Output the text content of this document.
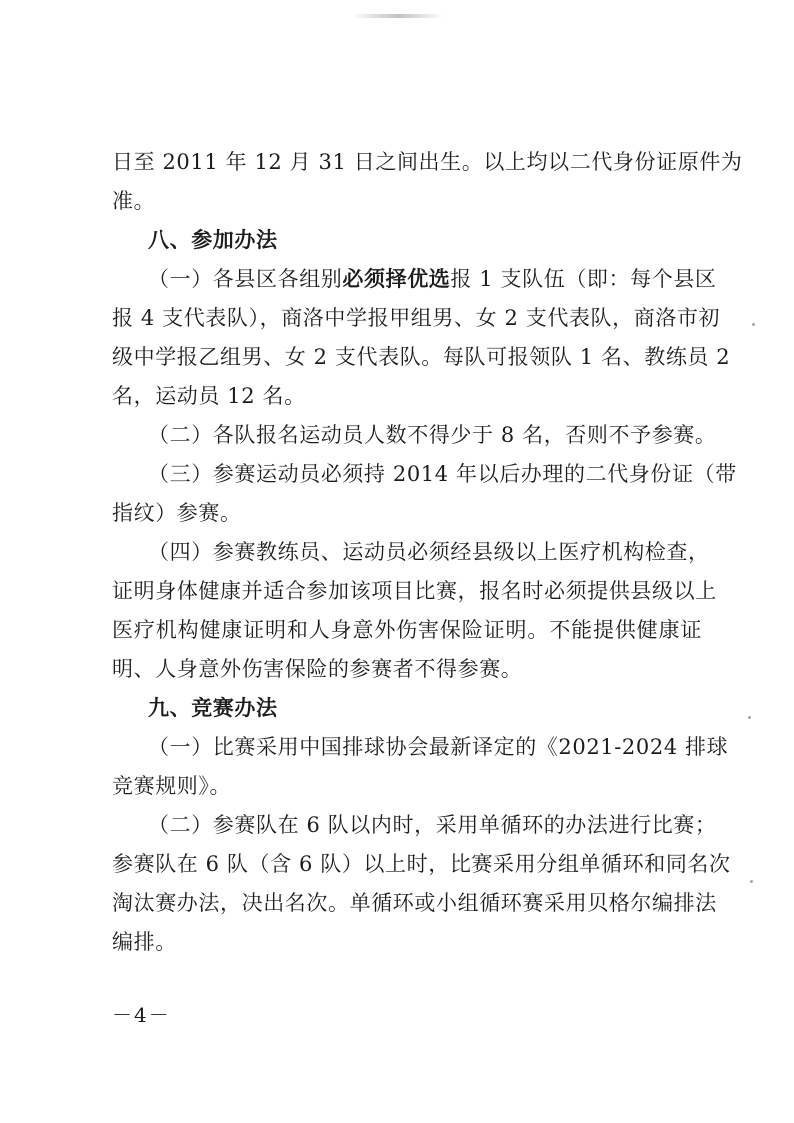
日至 2011 年 12 月 31 日之间出生。以上均以二代身份证原件为
准。
八、参加办法
（一）各县区各组别必须择优选报 1 支队伍（即：每个县区
报 4 支代表队），商洛中学报甲组男、女 2 支代表队，商洛市初
级中学报乙组男、女 2 支代表队。每队可报领队 1 名、教练员 2
名，运动员 12 名。
（二）各队报名运动员人数不得少于 8 名，否则不予参赛。
（三）参赛运动员必须持 2014 年以后办理的二代身份证（带
指纹）参赛。
（四）参赛教练员、运动员必须经县级以上医疗机构检查，
证明身体健康并适合参加该项目比赛，报名时必须提供县级以上
医疗机构健康证明和人身意外伤害保险证明。不能提供健康证
明、人身意外伤害保险的参赛者不得参赛。
九、竞赛办法
（一）比赛采用中国排球协会最新译定的《2021-2024 排球
竞赛规则》。
（二）参赛队在 6 队以内时，采用单循环的办法进行比赛；
参赛队在 6 队（含 6 队）以上时，比赛采用分组单循环和同名次
淘汰赛办法，决出名次。单循环或小组循环赛采用贝格尔编排法
编排。
－4－
